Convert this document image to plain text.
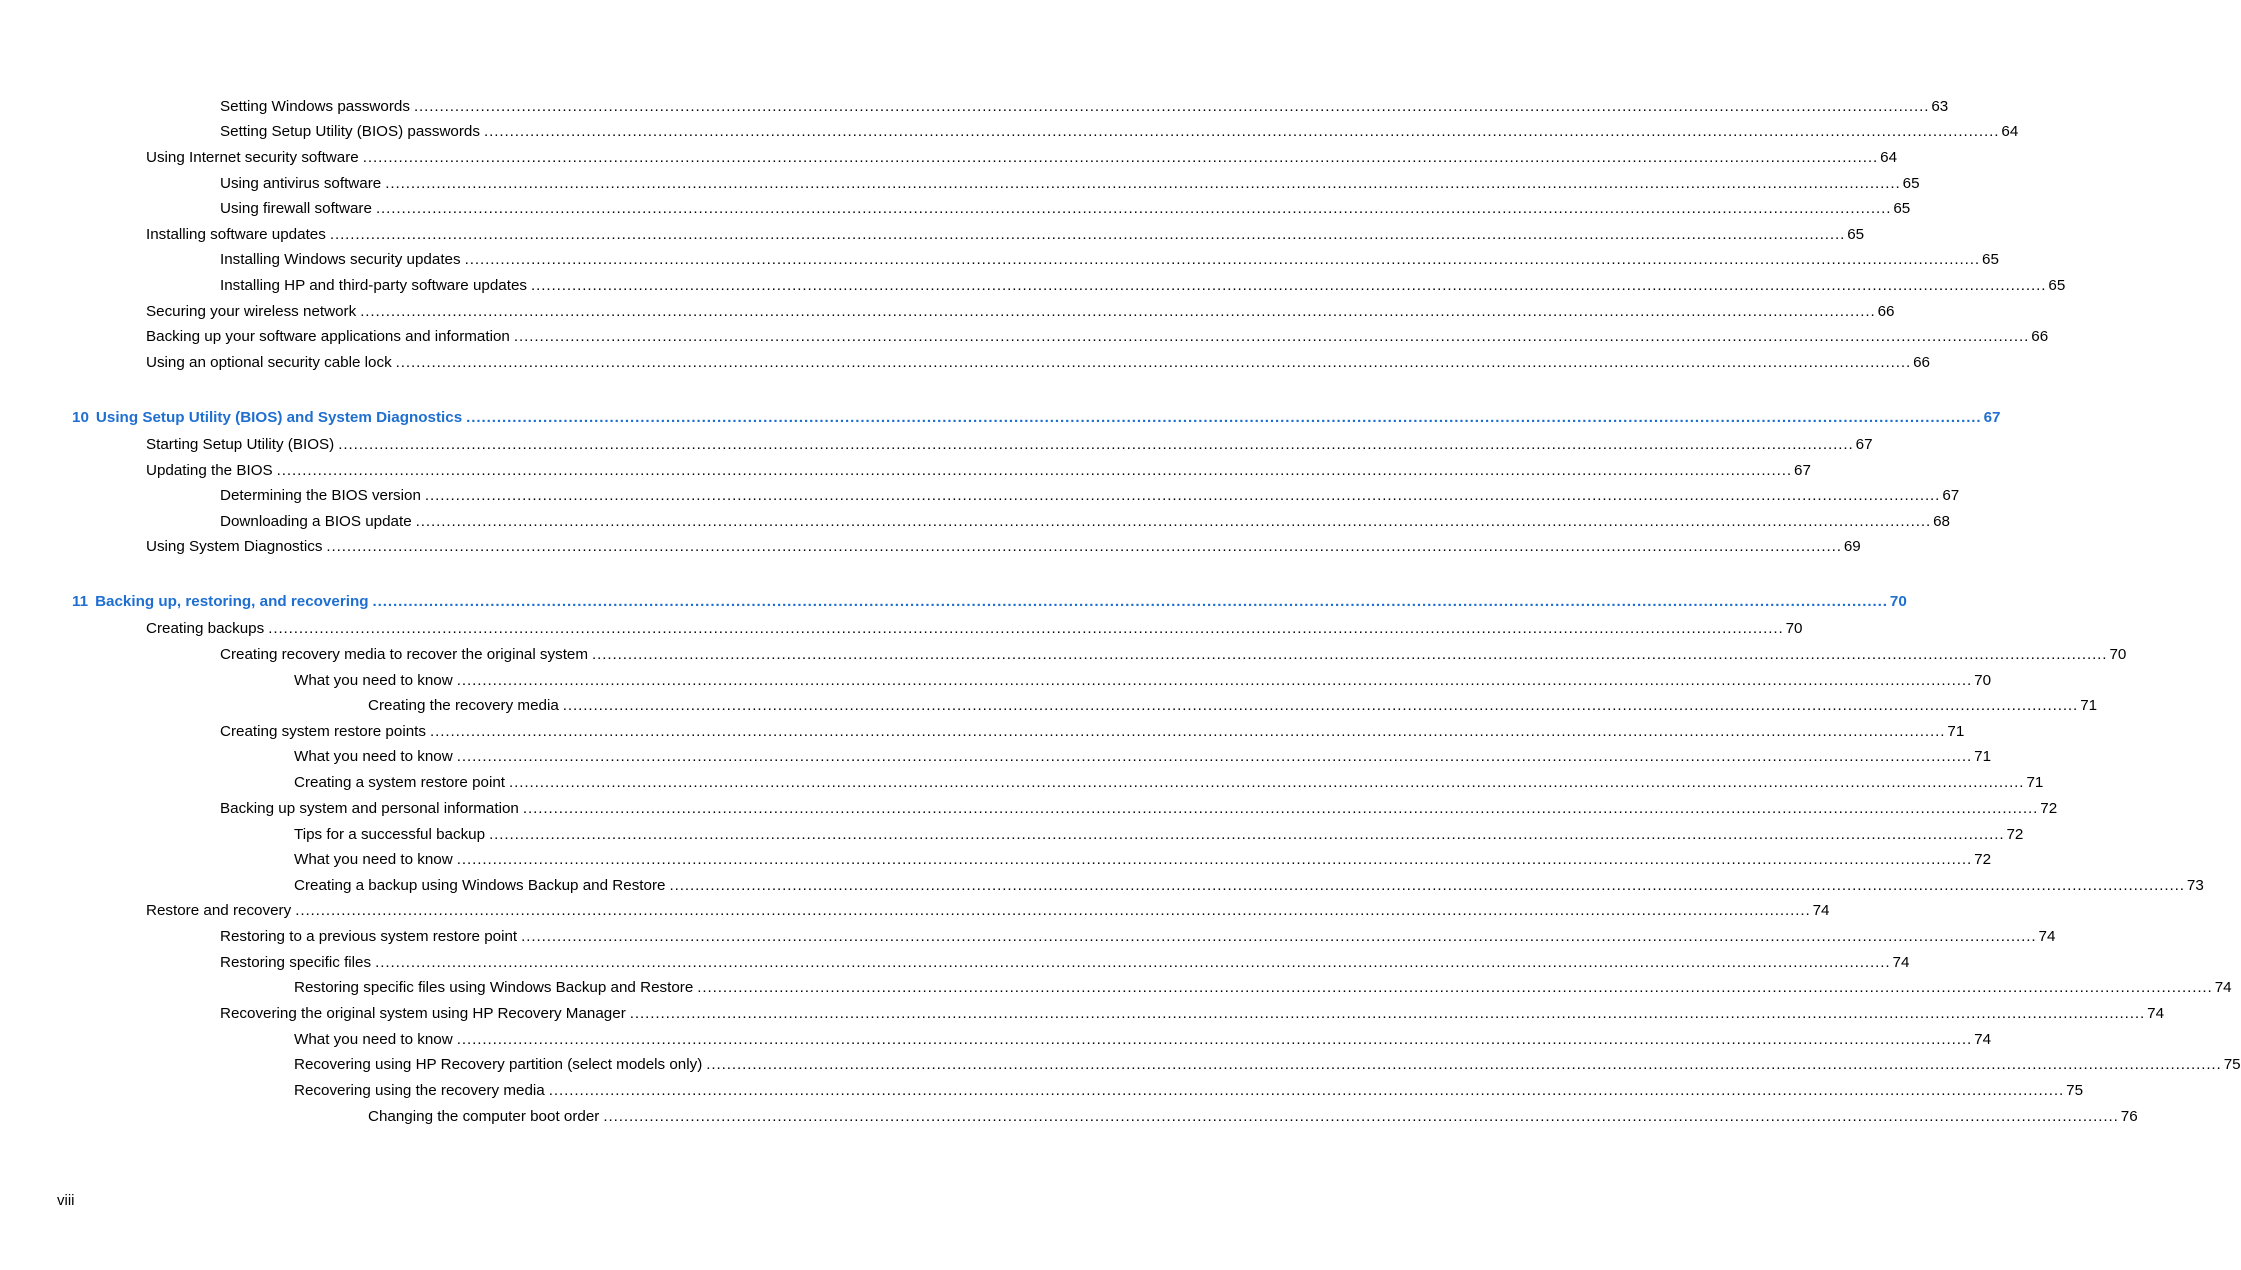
Setting Windows passwords ........................................................................................................................................................................................................................................................................................................ 63
Setting Setup Utility (BIOS) passwords ........................................................................................................................................................................................................................................................................................................ 64
Using Internet security software ........................................................................................................................................................................................................................................................................................................ 64
Using antivirus software ........................................................................................................................................................................................................................................................................................................ 65
Using firewall software ........................................................................................................................................................................................................................................................................................................ 65
Installing software updates ........................................................................................................................................................................................................................................................................................................ 65
Installing Windows security updates ........................................................................................................................................................................................................................................................................................................ 65
Installing HP and third-party software updates ........................................................................................................................................................................................................................................................................................................ 65
Securing your wireless network ........................................................................................................................................................................................................................................................................................................ 66
Backing up your software applications and information ........................................................................................................................................................................................................................................................................................................ 66
Using an optional security cable lock ........................................................................................................................................................................................................................................................................................................ 66
10 Using Setup Utility (BIOS) and System Diagnostics ........................................................................................................................................................................................................................................................................................................ 67
Starting Setup Utility (BIOS) ........................................................................................................................................................................................................................................................................................................ 67
Updating the BIOS ........................................................................................................................................................................................................................................................................................................ 67
Determining the BIOS version ........................................................................................................................................................................................................................................................................................................ 67
Downloading a BIOS update ........................................................................................................................................................................................................................................................................................................ 68
Using System Diagnostics ........................................................................................................................................................................................................................................................................................................ 69
11 Backing up, restoring, and recovering ........................................................................................................................................................................................................................................................................................................ 70
Creating backups ........................................................................................................................................................................................................................................................................................................ 70
Creating recovery media to recover the original system ........................................................................................................................................................................................................................................................................................................ 70
What you need to know ........................................................................................................................................................................................................................................................................................................ 70
Creating the recovery media ........................................................................................................................................................................................................................................................................................................ 71
Creating system restore points ........................................................................................................................................................................................................................................................................................................ 71
What you need to know ........................................................................................................................................................................................................................................................................................................ 71
Creating a system restore point ........................................................................................................................................................................................................................................................................................................ 71
Backing up system and personal information ........................................................................................................................................................................................................................................................................................................ 72
Tips for a successful backup ........................................................................................................................................................................................................................................................................................................ 72
What you need to know ........................................................................................................................................................................................................................................................................................................ 72
Creating a backup using Windows Backup and Restore ........................................................................................................................................................................................................................................................................................................ 73
Restore and recovery ........................................................................................................................................................................................................................................................................................................ 74
Restoring to a previous system restore point ........................................................................................................................................................................................................................................................................................................ 74
Restoring specific files ........................................................................................................................................................................................................................................................................................................ 74
Restoring specific files using Windows Backup and Restore ........................................................................................................................................................................................................................................................................................................ 74
Recovering the original system using HP Recovery Manager ........................................................................................................................................................................................................................................................................................................ 74
What you need to know ........................................................................................................................................................................................................................................................................................................ 74
Recovering using HP Recovery partition (select models only) ........................................................................................................................................................................................................................................................................................................ 75
Recovering using the recovery media ........................................................................................................................................................................................................................................................................................................ 75
Changing the computer boot order ........................................................................................................................................................................................................................................................................................................ 76
viii
